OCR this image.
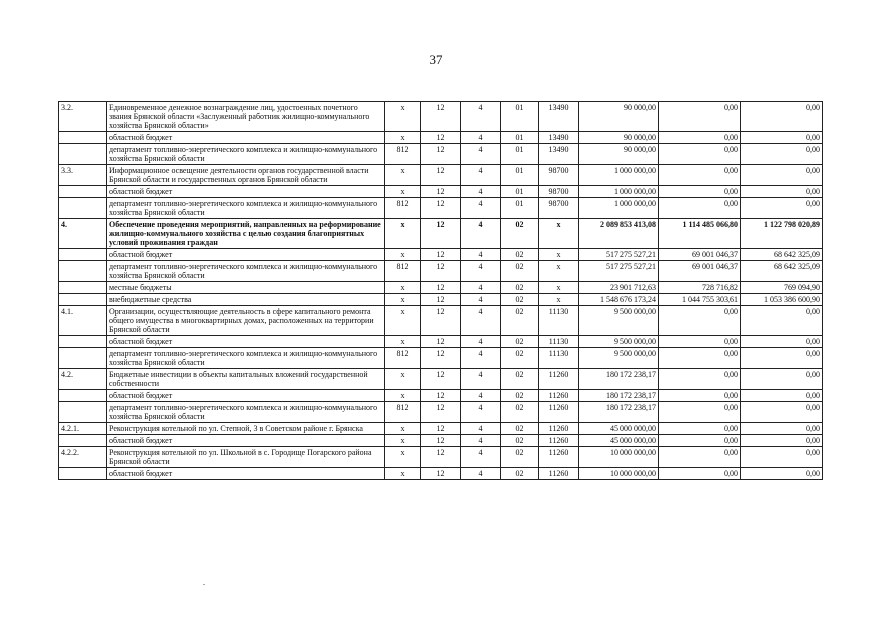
37
3.2.	Единовременное денежное вознаграждение лиц, удостоенных почетного звания Брянской области «Заслуженный работник жилищно-коммунального хозяйства Брянской области»	x	12	4	01	13490	90 000,00	0,00	0,00
	областной бюджет	x	12	4	01	13490	90 000,00	0,00	0,00
	департамент топливно-энергетического комплекса и жилищно-коммунального хозяйства Брянской области	812	12	4	01	13490	90 000,00	0,00	0,00
3.3.	Информационное освещение деятельности органов государственной власти Брянской области и государственных органов Брянской области	x	12	4	01	98700	1 000 000,00	0,00	0,00
	областной бюджет	x	12	4	01	98700	1 000 000,00	0,00	0,00
	департамент топливно-энергетического комплекса и жилищно-коммунального хозяйства Брянской области	812	12	4	01	98700	1 000 000,00	0,00	0,00
4.	Обеспечение проведения мероприятий, направленных на реформирование жилищно-коммунального хозяйства с целью создания благоприятных условий проживания граждан	x	12	4	02	x	2 089 853 413,08	1 114 485 066,80	1 122 798 020,89
	областной бюджет	x	12	4	02	x	517 275 527,21	69 001 046,37	68 642 325,09
	департамент топливно-энергетического комплекса и жилищно-коммунального хозяйства Брянской области	812	12	4	02	x	517 275 527,21	69 001 046,37	68 642 325,09
	местные бюджеты	x	12	4	02	x	23 901 712,63	728 716,82	769 094,90
	внебюджетные средства	x	12	4	02	x	1 548 676 173,24	1 044 755 303,61	1 053 386 600,90
4.1.	Организации, осуществляющие деятельность в сфере капитального ремонта общего имущества в многоквартирных домах, расположенных на территории Брянской области	x	12	4	02	11130	9 500 000,00	0,00	0,00
	областной бюджет	x	12	4	02	11130	9 500 000,00	0,00	0,00
	департамент топливно-энергетического комплекса и жилищно-коммунального хозяйства Брянской области	812	12	4	02	11130	9 500 000,00	0,00	0,00
4.2.	Бюджетные инвестиции в объекты капитальных вложений государственной собственности	x	12	4	02	11260	180 172 238,17	0,00	0,00
	областной бюджет	x	12	4	02	11260	180 172 238,17	0,00	0,00
	департамент топливно-энергетического комплекса и жилищно-коммунального хозяйства Брянской области	812	12	4	02	11260	180 172 238,17	0,00	0,00
4.2.1.	Реконструкция котельной по ул. Степной, 3 в Советском районе г. Брянска	x	12	4	02	11260	45 000 000,00	0,00	0,00
	областной бюджет	x	12	4	02	11260	45 000 000,00	0,00	0,00
4.2.2.	Реконструкция котельной по ул. Школьной в с. Городище Погарского района Брянской области	x	12	4	02	11260	10 000 000,00	0,00	0,00
	областной бюджет	x	12	4	02	11260	10 000 000,00	0,00	0,00
.
